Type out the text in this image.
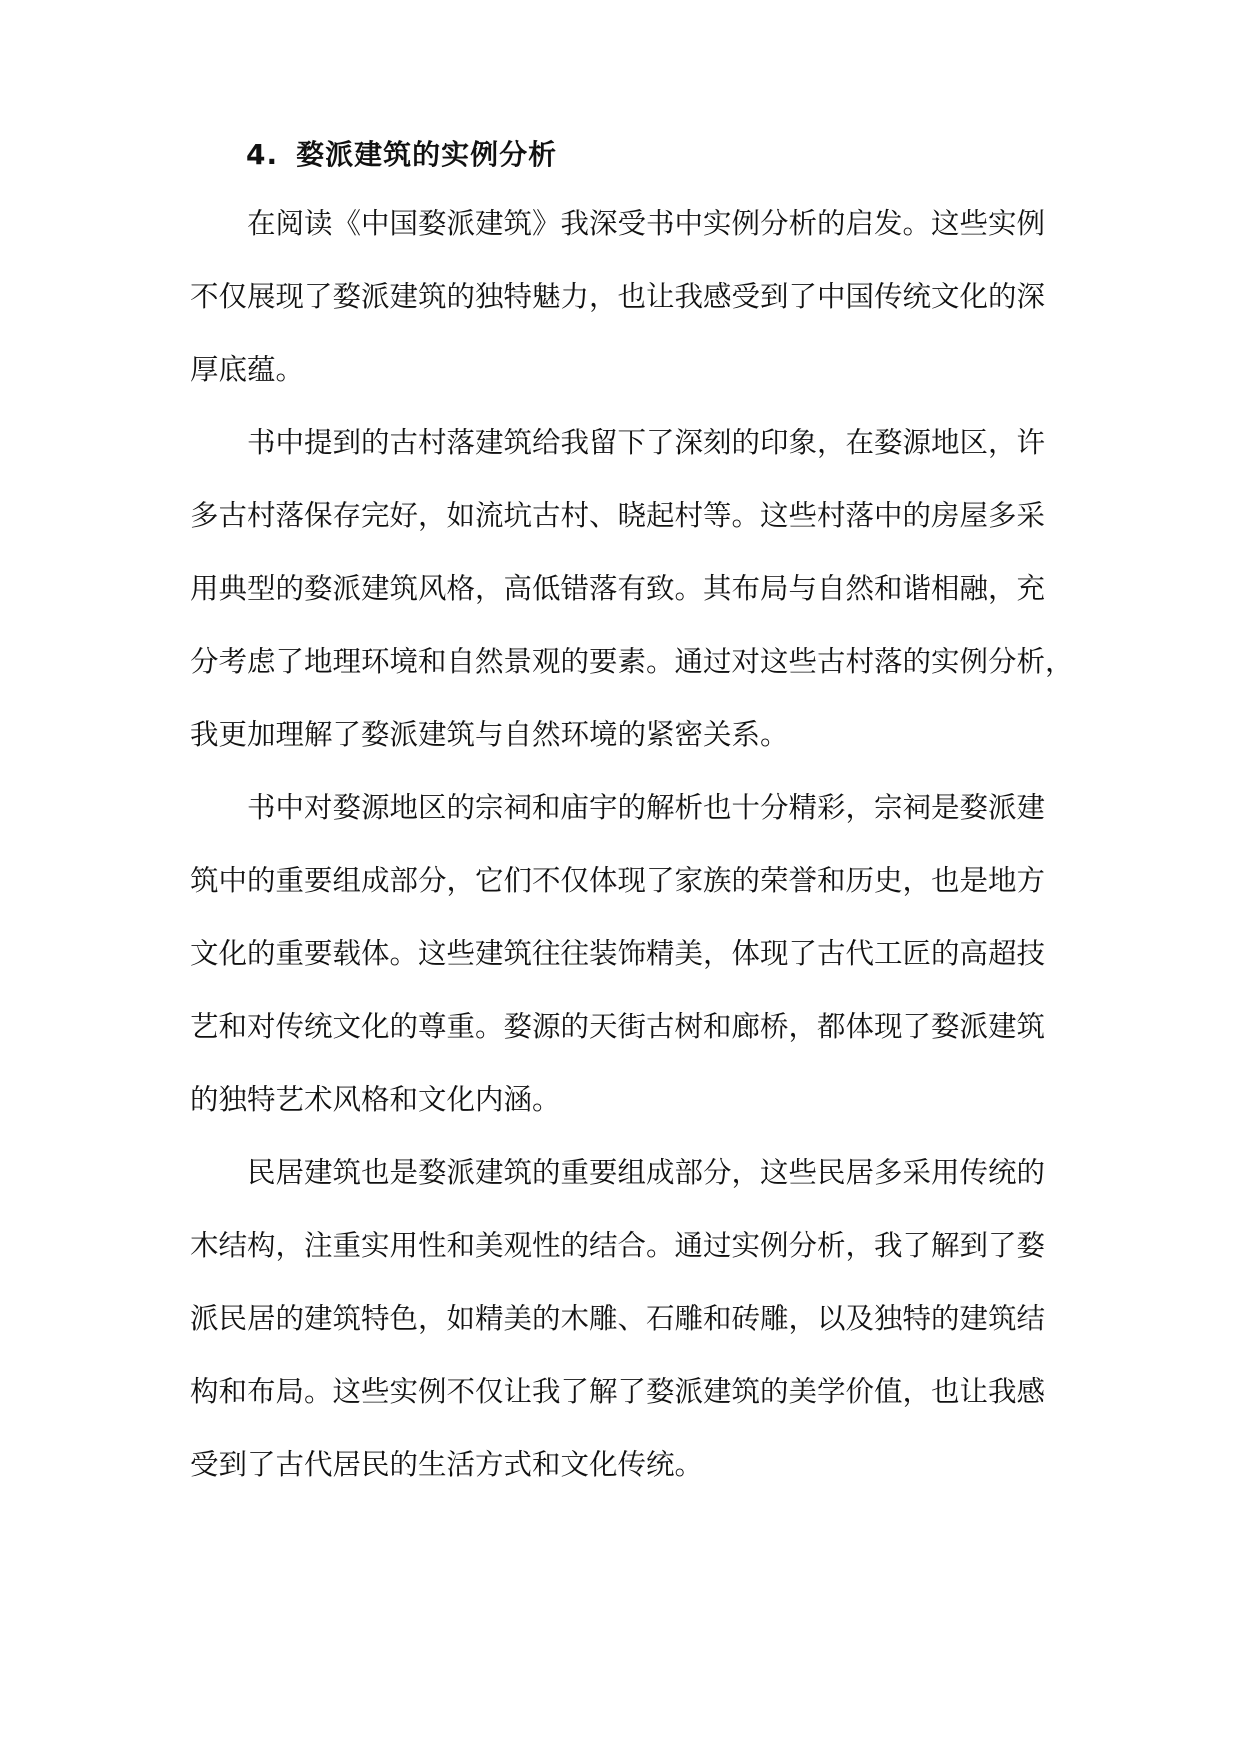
4. 婺派建筑的实例分析
在阅读《中国婺派建筑》我深受书中实例分析的启发。这些实例
不仅展现了婺派建筑的独特魅力，也让我感受到了中国传统文化的深
厚底蕴。
书中提到的古村落建筑给我留下了深刻的印象，在婺源地区，许
多古村落保存完好，如流坑古村、晓起村等。这些村落中的房屋多采
用典型的婺派建筑风格，高低错落有致。其布局与自然和谐相融，充
分考虑了地理环境和自然景观的要素。通过对这些古村落的实例分析，
我更加理解了婺派建筑与自然环境的紧密关系。
书中对婺源地区的宗祠和庙宇的解析也十分精彩，宗祠是婺派建
筑中的重要组成部分，它们不仅体现了家族的荣誉和历史，也是地方
文化的重要载体。这些建筑往往装饰精美，体现了古代工匠的高超技
艺和对传统文化的尊重。婺源的天街古树和廊桥，都体现了婺派建筑
的独特艺术风格和文化内涵。
民居建筑也是婺派建筑的重要组成部分，这些民居多采用传统的
木结构，注重实用性和美观性的结合。通过实例分析，我了解到了婺
派民居的建筑特色，如精美的木雕、石雕和砖雕，以及独特的建筑结
构和布局。这些实例不仅让我了解了婺派建筑的美学价值，也让我感
受到了古代居民的生活方式和文化传统。
